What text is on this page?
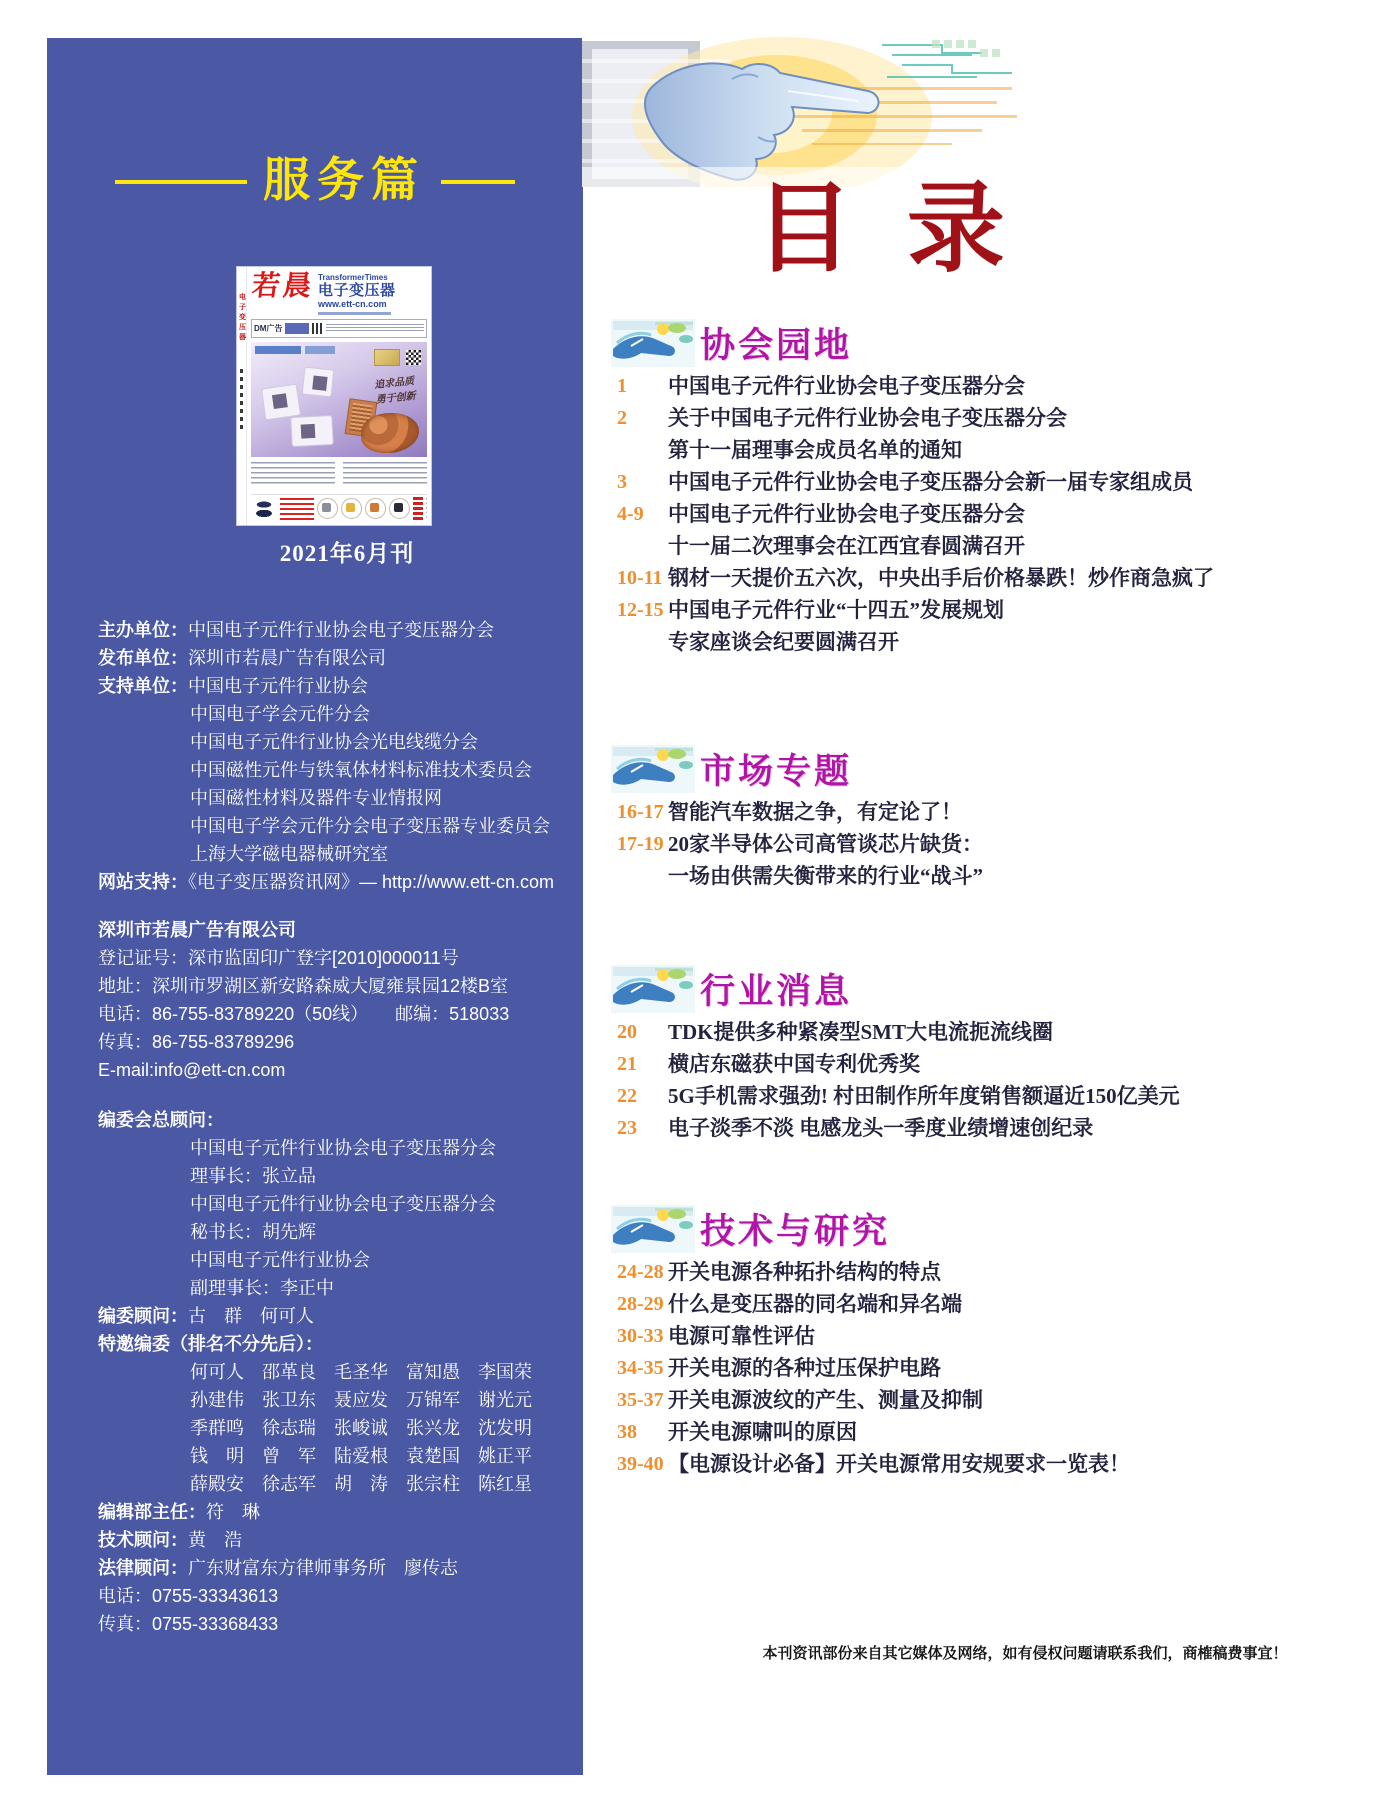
服务篇
电子变压器
若晨 TransformerTimes
电子变压器
www.ett-cn.com
DM广告
追求品质
勇于创新
2021年6月刊
主办单位：中国电子元件行业协会电子变压器分会
发布单位：深圳市若晨广告有限公司
支持单位：中国电子元件行业协会
中国电子学会元件分会
中国电子元件行业协会光电线缆分会
中国磁性元件与铁氧体材料标准技术委员会
中国磁性材料及器件专业情报网
中国电子学会元件分会电子变压器专业委员会
上海大学磁电器械研究室
网站支持：《电子变压器资讯网》— http://www.ett-cn.com
深圳市若晨广告有限公司
登记证号：深市监固印广登字[2010]000011号
地址：深圳市罗湖区新安路森威大厦雍景园12楼B室
电话：86-755-83789220（50线）　　邮编：518033
传真：86-755-83789296
E-mail:info@ett-cn.com
编委会总顾问：
中国电子元件行业协会电子变压器分会
理事长：张立品
中国电子元件行业协会电子变压器分会
秘书长：胡先辉
中国电子元件行业协会
副理事长：李正中
编委顾问：古　群　何可人
特邀编委（排名不分先后）：
何可人　邵革良　毛圣华　富知愚　李国荣
孙建伟　张卫东　聂应发　万锦军　谢光元
季群鸣　徐志瑞　张峻诚　张兴龙　沈发明
钱　明　曾　军　陆爱根　袁楚国　姚正平
薛殿安　徐志军　胡　涛　张宗柱　陈红星
编辑部主任：符　琳
技术顾问：黄　浩
法律顾问：广东财富东方律师事务所　廖传志
电话：0755-33343613
传真：0755-33368433
目录
协会园地
1	中国电子元件行业协会电子变压器分会
2	关于中国电子元件行业协会电子变压器分会
第十一届理事会成员名单的通知
3	中国电子元件行业协会电子变压器分会新一届专家组成员
4-9	中国电子元件行业协会电子变压器分会
十一届二次理事会在江西宜春圆满召开
10-11 钢材一天提价五六次，中央出手后价格暴跌！炒作商急疯了
12-15 中国电子元件行业“十四五”发展规划
专家座谈会纪要圆满召开
市场专题
16-17 智能汽车数据之争，有定论了！
17-19 20家半导体公司高管谈芯片缺货：
一场由供需失衡带来的行业“战斗”
行业消息
20	TDK提供多种紧凑型SMT大电流扼流线圈
21	横店东磁获中国专利优秀奖
22	5G手机需求强劲! 村田制作所年度销售额逼近150亿美元
23	电子淡季不淡 电感龙头一季度业绩增速创纪录
技术与研究
24-28 开关电源各种拓扑结构的特点
28-29 什么是变压器的同名端和异名端
30-33 电源可靠性评估
34-35 开关电源的各种过压保护电路
35-37 开关电源波纹的产生、测量及抑制
38	开关电源啸叫的原因
39-40 【电源设计必备】开关电源常用安规要求一览表！
本刊资讯部份来自其它媒体及网络，如有侵权问题请联系我们，商榷稿费事宜！
